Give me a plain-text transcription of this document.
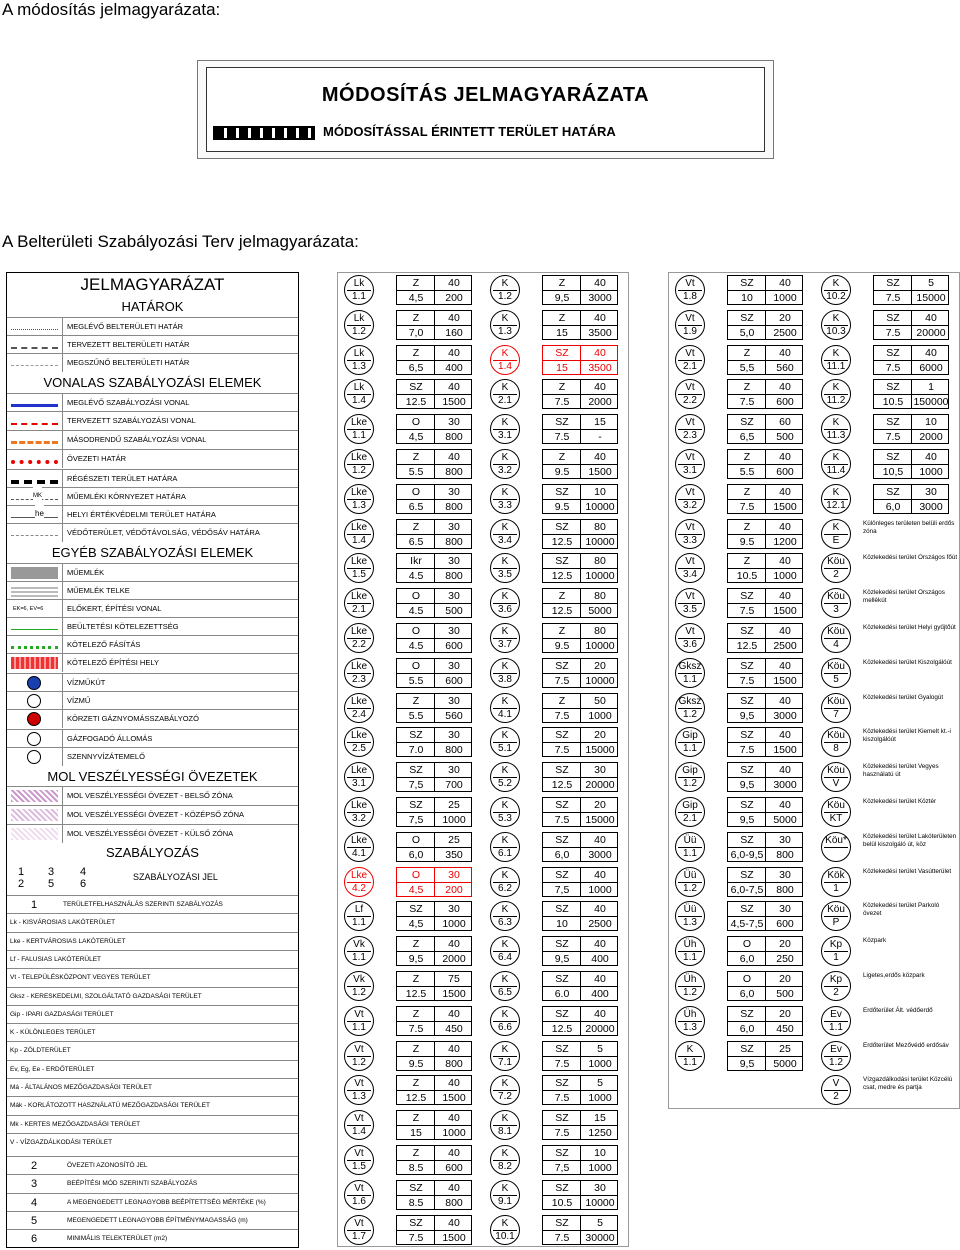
A módosítás jelmagyarázata:
MÓDOSÍTÁS JELMAGYARÁZATA
MÓDOSÍTÁSSAL ÉRINTETT TERÜLET HATÁRA
A Belterületi Szabályozási Terv jelmagyarázata:
JELMAGYARÁZAT
HATÁROK
VONALAS SZABÁLYOZÁSI ELEMEK
EGYÉB SZABÁLYOZÁSI ELEMEK
MOL VESZÉLYESSÉGI ÖVEZETEK
MEGLÉVŐ BELTERÜLETI HATÁR
TERVEZETT BELTERÜLETI HATÁR
MEGSZŰNŐ BELTERÜLETI HATÁR
MEGLÉVŐ SZABÁLYOZÁSI VONAL
TERVEZETT SZABÁLYOZÁSI VONAL
MÁSODRENDŰ SZABÁLYOZÁSI VONAL
ÖVEZETI HATÁR
RÉGÉSZETI TERÜLET HATÁRA
MK	MŰEMLÉKI KÖRNYEZET HATÁRA
he	HELYI ÉRTÉKVÉDELMI TERÜLET HATÁRA
VÉDŐTERÜLET, VÉDŐTÁVOLSÁG, VÉDŐSÁV HATÁRA
MŰEMLÉK
MŰEMLÉK TELKE
EK=6, EV=6	ELŐKERT, ÉPÍTÉSI VONAL
BEÜLTETÉSI KÖTELEZETTSÉG
KÖTELEZŐ FÁSÍTÁS
KÖTELEZŐ ÉPÍTÉSI HELY
VÍZMŰKÚT
VÍZMŰ
KÖRZETI GÁZNYOMÁSSZABÁLYOZÓ
GÁZFOGADÓ ÁLLOMÁS
SZENNYVÍZÁTEMELŐ
MOL VESZÉLYESSÉGI ÖVEZET - BELSŐ ZÓNA
MOL VESZÉLYESSÉGI ÖVEZET - KÖZÉPSŐ ZÓNA
MOL VESZÉLYESSÉGI ÖVEZET - KÜLSŐ ZÓNA
SZABÁLYOZÁS
1 3 4
2 5 6
SZABÁLYOZÁSI JEL
TERÜLETFELHASZNÁLÁS SZERINTI SZABÁLYOZÁS
1
Lk - KISVÁROSIAS LAKÓTERÜLET
Lke - KERTVÁROSIAS LAKÓTERÜLET
Lf - FALUSIAS LAKÓTERÜLET
Vt - TELEPÜLÉSKÖZPONT VEGYES TERÜLET
Gksz - KERESKEDELMI, SZOLGÁLTATÓ GAZDASÁGI TERÜLET
Gip - IPARI GAZDASÁGI TERÜLET
K - KÜLÖNLEGES TERÜLET
Kp - ZÖLDTERÜLET
Ev, Eg, Ee - ERDŐTERÜLET
Má - ÁLTALÁNOS MEZŐGAZDASÁGI TERÜLET
Mák - KORLÁTOZOTT HASZNÁLATÚ MEZŐGAZDASÁGI TERÜLET
Mk - KERTES MEZŐGAZDASÁGI TERÜLET
V - VÍZGAZDÁLKODÁSI TERÜLET
2	ÖVEZETI AZONOSÍTÓ JEL
3	BEÉPÍTÉSI MÓD SZERINTI SZABÁLYOZÁS
4	A MEGENGEDETT LEGNAGYOBB BEÉPÍTETTSÉG MÉRTÉKE (%)
5	MEGENGEDETT LEGNAGYOBB ÉPÍTMÉNYMAGASSÁG (m)
6	MINIMÁLIS TELEKTERÜLET (m2)
Lk
1.1
Z	40
4,5	200
K
1.2
Z	40
9,5	3000
Lk
1.2
Z	40
7,0	160
K
1.3
Z	40
15	3500
Lk
1.3
Z	40
6,5	400
K
1.4
SZ	40
15	3500
Lk
1.4
SZ	40
12.5	1500
K
2.1
Z	40
7.5	2000
Lke
1.1
O	30
4,5	800
K
3.1
SZ	15
7.5	-
Lke
1.2
Z	40
5.5	800
K
3.2
Z	40
9.5	1500
Lke
1.3
O	30
6.5	800
K
3.3
SZ	10
9.5	10000
Lke
1.4
Z	30
6.5	800
K
3.4
SZ	80
12.5	10000
Lke
1.5
Ikr	30
4.5	800
K
3.5
SZ	80
12.5	10000
Lke
2.1
O	30
4.5	500
K
3.6
Z	80
12.5	5000
Lke
2.2
O	30
4.5	600
K
3.7
Z	80
9.5	10000
Lke
2.3
O	30
5.5	600
K
3.8
SZ	20
7.5	10000
Lke
2.4
Z	30
5.5	560
K
4.1
Z	50
7.5	1000
Lke
2.5
SZ	30
7.0	800
K
5.1
SZ	20
7.5	15000
Lke
3.1
SZ	30
7,5	700
K
5.2
SZ	30
12.5	20000
Lke
3.2
SZ	25
7,5	1000
K
5.3
SZ	20
7.5	15000
Lke
4.1
O	25
6,0	350
K
6.1
SZ	40
6,0	3000
Lke
4.2
O	30
4,5	200
K
6.2
SZ	40
7,5	1000
Lf
1.1
SZ	30
4,5	1000
K
6.3
SZ	40
10	2500
Vk
1.1
Z	40
9,5	2000
K
6.4
SZ	40
9,5	400
Vk
1.2
Z	75
12.5	1500
K
6.5
SZ	40
6.0	400
Vt
1.1
Z	40
7.5	450
K
6.6
SZ	40
12.5	20000
Vt
1.2
Z	40
9.5	800
K
7.1
SZ	5
7.5	1000
Vt
1.3
Z	40
12.5	1500
K
7.2
SZ	5
7.5	1000
Vt
1.4
Z	40
15	1000
K
8.1
SZ	15
7.5	1250
Vt
1.5
Z	40
8.5	600
K
8.2
SZ	10
7,5	1000
Vt
1.6
SZ	40
8.5	800
K
9.1
SZ	30
10.5	10000
Vt
1.7
SZ	40
7.5	1500
K
10.1
SZ	5
7.5	30000
Vt
1.8
SZ	40
10	1000
K
10.2
SZ	5
7.5	15000
Vt
1.9
SZ	20
5,0	2500
K
10.3
SZ	40
7.5	20000
Vt
2.1
Z	40
5,5	560
K
11.1
SZ	40
7.5	6000
Vt
2.2
Z	40
7.5	600
K
11.2
SZ	1
10.5 150000
Vt
2.3
SZ	60
6,5	500
K
11.3
SZ	10
7.5	2000
Vt
3.1
Z	40
5.5	600
K
11.4
SZ	40
10,5	1000
Vt
3.2
Z	40
7.5	1500
K
12.1
SZ	30
6,0	3000
Vt
3.3
Z	40
9.5	1200
K
E
Különleges területen belüli erdős zóna
Vt
3.4
Z	40
10.5	1000
Köu
2
Közlekedési terület Országos főút
Vt
3.5
SZ	40
7.5	1500
Köu
3
Közlekedési terület Országos mellékút
Vt
3.6
SZ	40
12.5	2500
Köu
4
Közlekedési terület Helyi gyűjtőút
Gksz
1.1
SZ	40
7.5	1500
Köu
5
Közlekedési terület Kiszolgálóút
Gksz
1.2
SZ	40
9,5	3000
Köu
7
Közlekedési terület Gyalogút
Gip
1.1
SZ	40
7.5	1500
Köu
8
Közlekedési terület Kiemelt kt.-i kiszolgálóút
Gip
1.2
SZ	40
9,5	3000
Köu
V
Közlekedési terület Vegyes használatú út
Gip
2.1
SZ	40
9,5	5000
Köu
KT
Közlekedési terület Köztér
Üü
1.1
SZ	30
6,0-9,5	800
Köu*	Közlekedési terület Lakóterületen belül kiszolgáló út, köz
Üü
1.2
SZ	30
6,0-7,5	800
Kök
1
Közlekedési terület Vasútterület
Üü
1.3
SZ	30
4,5-7,5	600
Köu
P
Közlekedési terület Parkoló övezet
Üh
1.1
O	20
6,0	250
Kp
1
Közpark
Üh
1.2
O	20
6,0	500
Kp
2
Ligetes,erdős közpark
Üh
1.3
SZ	20
6,0	450
Ev
1.1
Erdőterület Ált. védőerdő
K
1.1
SZ	25
9,5	5000
Ev
1.2
Erdőterület Mezővédő erdősáv
V
2
Vízgazdálkodási terület Közcélú csat, medre és partja
